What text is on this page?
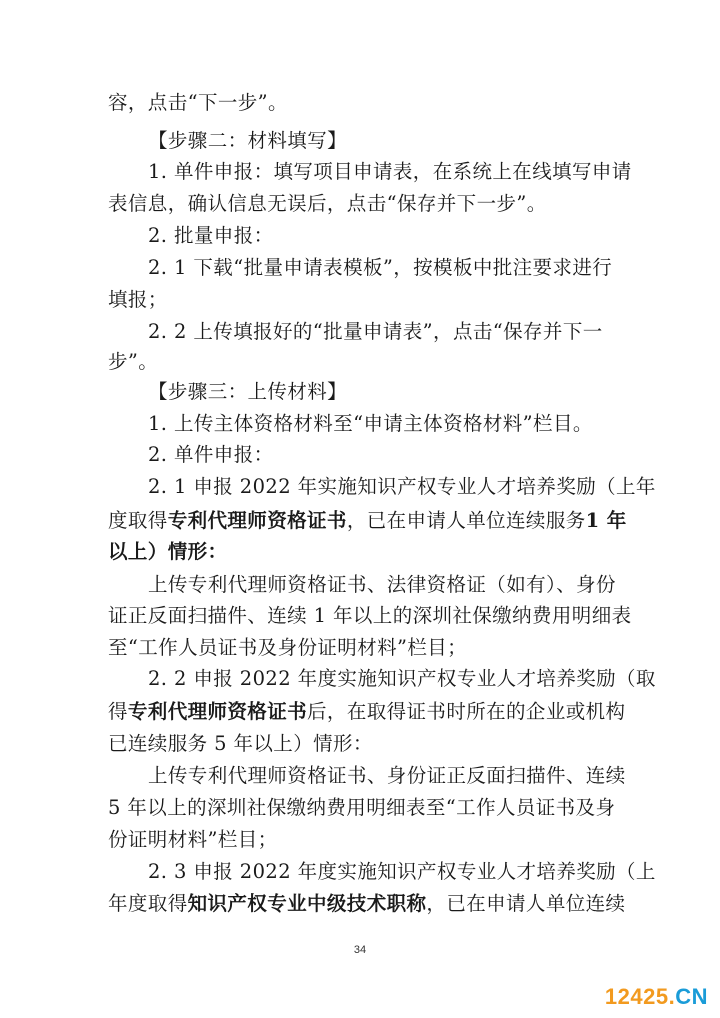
容，点击“下一步”。
【步骤二：材料填写】
1. 单件申报：填写项目申请表，在系统上在线填写申请
表信息，确认信息无误后，点击“保存并下一步”。
2. 批量申报：
2. 1 下载“批量申请表模板”，按模板中批注要求进行
填报；
2. 2 上传填报好的“批量申请表”，点击“保存并下一
步”。
【步骤三：上传材料】
1. 上传主体资格材料至“申请主体资格材料”栏目。
2. 单件申报：
2. 1 申报 2022 年实施知识产权专业人才培养奖励（上年
度取得专利代理师资格证书，已在申请人单位连续服务1 年
以上）情形：
上传专利代理师资格证书、法律资格证（如有）、身份
证正反面扫描件、连续 1 年以上的深圳社保缴纳费用明细表
至“工作人员证书及身份证明材料”栏目；
2. 2 申报 2022 年度实施知识产权专业人才培养奖励（取
得专利代理师资格证书后，在取得证书时所在的企业或机构
已连续服务 5 年以上）情形：
上传专利代理师资格证书、身份证正反面扫描件、连续
5 年以上的深圳社保缴纳费用明细表至“工作人员证书及身
份证明材料”栏目；
2. 3 申报 2022 年度实施知识产权专业人才培养奖励（上
年度取得知识产权专业中级技术职称，已在申请人单位连续
34
12425.CN
